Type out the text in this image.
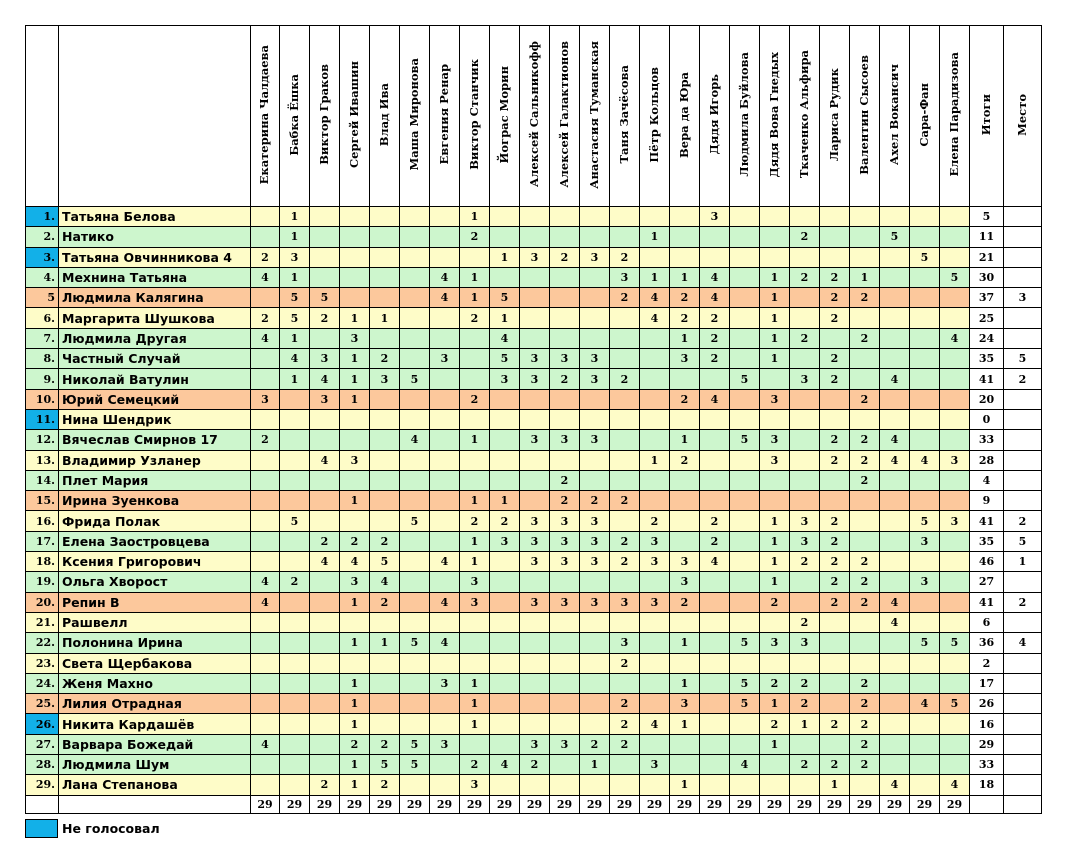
		Екатерина Чалдаева	Бабка Ёшка	Виктор Граков	Сергей Ивашин	Влад Ива	Маша Миронова	Евгения Ренар	Виктор Станчик	Йограс Морин	Алексей Сальникофф	Алексей Галактионов	Анастасия Туманская	Таня Зачёсова	Пётр Кольцов	Вера да Юра	Дядя Игорь	Людмила Буйлова	Дядя Вова Гнедых	Ткаченко Альфира	Лариса Рудик	Валентин Сысоев	Ахел Вокансич	Сара-Фан	Елена Парадизова	Итоги	Место
1.	Татьяна Белова		1						1								3									5	
2.	Натико		1						2						1					2			5			11	
3.	Татьяна Овчинникова 4	2	3							1	3	2	3	2										5		21	
4.	Мехнина Татьяна	4	1					4	1					3	1	1	4		1	2	2	1			5	30	
5	Людмила Калягина		5	5				4	1	5				2	4	2	4		1		2	2				37	3
6.	Маргарита Шушкова	2	5	2	1	1			2	1					4	2	2		1		2					25	
7.	Людмила Другая	4	1		3					4						1	2		1	2		2			4	24	
8.	Частный Случай		4	3	1	2		3		5	3	3	3			3	2		1		2					35	5
9.	Николай Ватулин		1	4	1	3	5			3	3	2	3	2				5		3	2		4			41	2
10.	Юрий Семецкий	3		3	1				2							2	4		3			2				20	
11.	Нина Шендрик																									0	
12.	Вячеслав Смирнов 17	2					4		1		3	3	3			1		5	3		2	2	4			33	
13.	Владимир Узланер			4	3										1	2			3		2	2	4	4	3	28	
14.	Плет Мария											2										2				4	
15.	Ирина Зуенкова				1				1	1		2	2	2												9	
16.	Фрида Полак		5				5		2	2	3	3	3		2		2		1	3	2			5	3	41	2
17.	Елена Заостровцева			2	2	2			1	3	3	3	3	2	3		2		1	3	2			3		35	5
18.	Ксения Григорович			4	4	5		4	1		3	3	3	2	3	3	4		1	2	2	2				46	1
19.	Ольга Хворост	4	2		3	4			3							3			1		2	2		3		27	
20.	Репин В	4			1	2		4	3		3	3	3	3	3	2			2		2	2	4			41	2
21.	Рашвелл																			2			4			6	
22.	Полонина Ирина				1	1	5	4						3		1		5	3	3				5	5	36	4
23.	Света Щербакова													2												2	
24.	Женя Махно				1			3	1							1		5	2	2		2				17	
25.	Лилия Отрадная				1				1					2		3		5	1	2		2		4	5	26	
26.	Никита Кардашёв				1				1					2	4	1			2	1	2	2				16	
27.	Варвара Божедай	4			2	2	5	3			3	3	2	2					1			2				29	
28.	Людмила Шум				1	5	5		2	4	2		1		3			4		2	2	2				33	
29.	Лана Степанова			2	1	2			3							1					1		4		4	18	
		29	29	29	29	29	29	29	29	29	29	29	29	29	29	29	29	29	29	29	29	29	29	29	29		
Не голосовал
